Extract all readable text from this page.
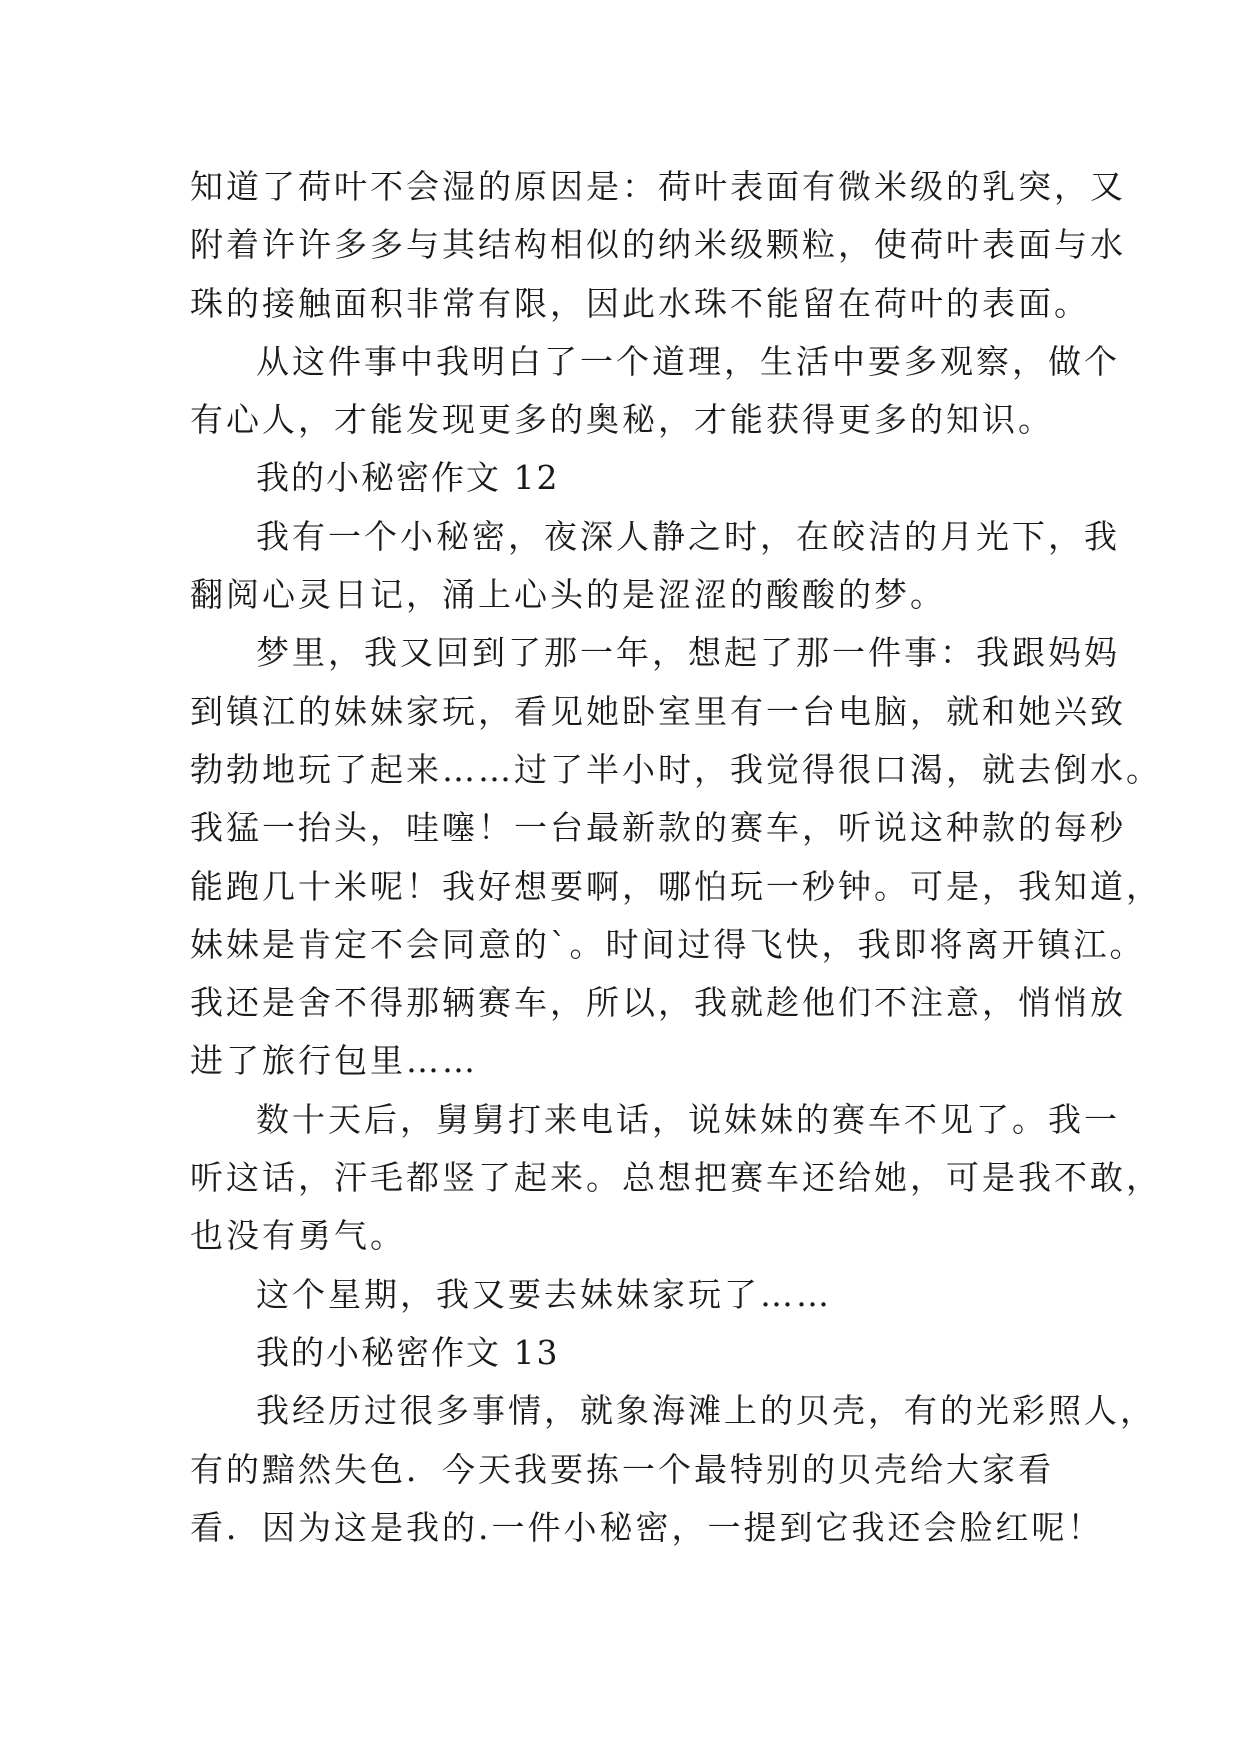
知道了荷叶不会湿的原因是：荷叶表面有微米级的乳突，又
附着许许多多与其结构相似的纳米级颗粒，使荷叶表面与水
珠的接触面积非常有限，因此水珠不能留在荷叶的表面。
从这件事中我明白了一个道理，生活中要多观察，做个
有心人，才能发现更多的奥秘，才能获得更多的知识。
我的小秘密作文 12
我有一个小秘密，夜深人静之时，在皎洁的月光下，我
翻阅心灵日记，涌上心头的是涩涩的酸酸的梦。
梦里，我又回到了那一年，想起了那一件事：我跟妈妈
到镇江的妹妹家玩，看见她卧室里有一台电脑，就和她兴致
勃勃地玩了起来……过了半小时，我觉得很口渴，就去倒水。
我猛一抬头，哇噻！一台最新款的赛车，听说这种款的每秒
能跑几十米呢！我好想要啊，哪怕玩一秒钟。可是，我知道，
妹妹是肯定不会同意的`。时间过得飞快，我即将离开镇江。
我还是舍不得那辆赛车，所以，我就趁他们不注意，悄悄放
进了旅行包里……
数十天后，舅舅打来电话，说妹妹的赛车不见了。我一
听这话，汗毛都竖了起来。总想把赛车还给她，可是我不敢，
也没有勇气。
这个星期，我又要去妹妹家玩了……
我的小秘密作文 13
我经历过很多事情，就象海滩上的贝壳，有的光彩照人，
有的黯然失色．今天我要拣一个最特别的贝壳给大家看
看．因为这是我的.一件小秘密，一提到它我还会脸红呢！
